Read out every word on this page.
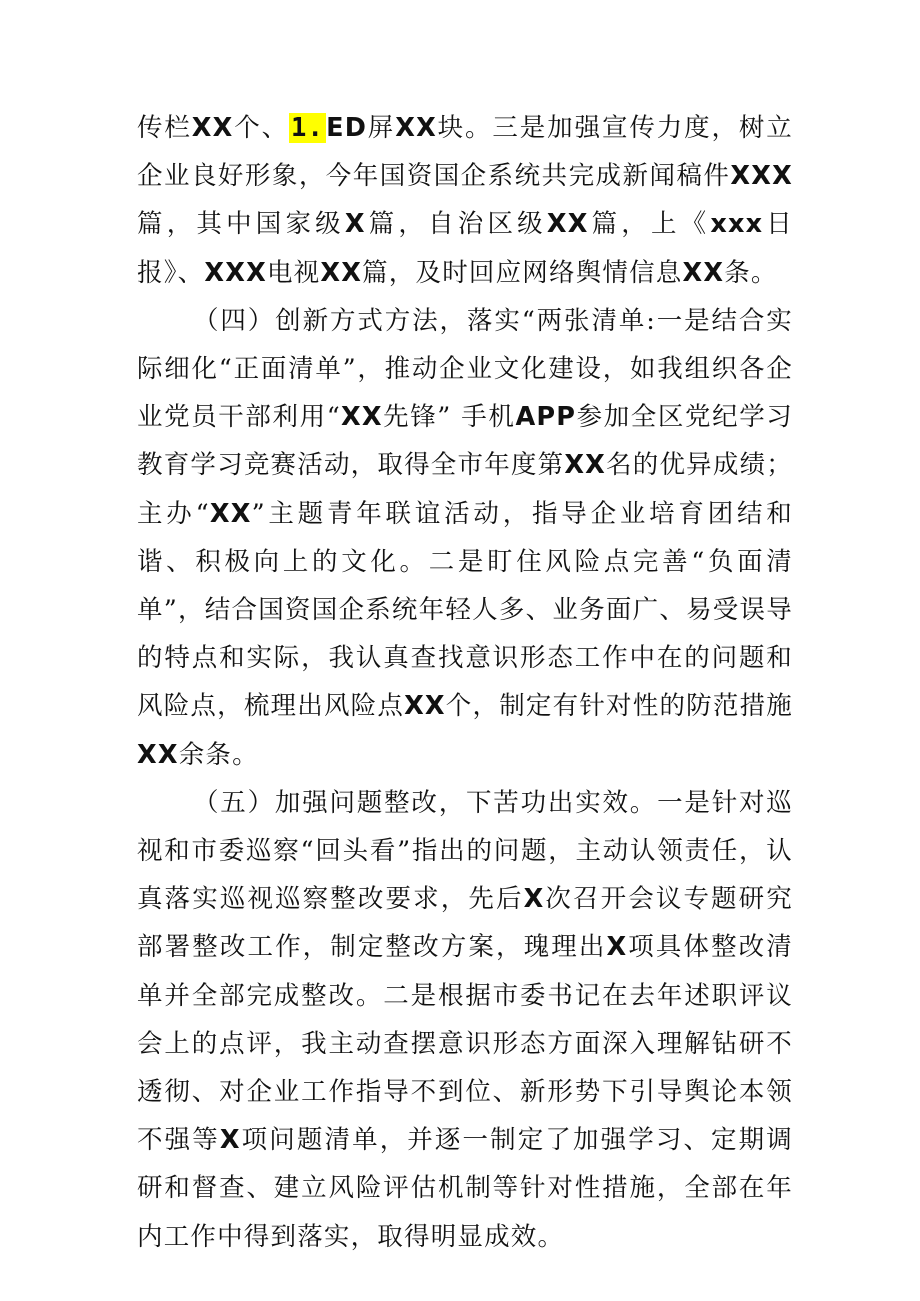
传栏XX个、1.ED屏XX块。三是加强宣传力度，树立企业良好形象，今年国资国企系统共完成新闻稿件XXX篇，其中国家级X篇，自治区级XX篇，上《xxx日报》、XXX电视XX篇，及时回应网络舆情信息XX条。

（四）创新方式方法，落实“两张清单:一是结合实际细化“正面清单”，推动企业文化建设，如我组织各企业党员干部利用“XX先锋” 手机APP参加全区党纪学习教育学习竞赛活动，取得全市年度第XX名的优异成绩；主办“XX”主题青年联谊活动，指导企业培育团结和谐、积极向上的文化。二是盯住风险点完善“负面清单”，结合国资国企系统年轻人多、业务面广、易受误导的特点和实际，我认真查找意识形态工作中在的问题和风险点，梳理出风险点XX个，制定有针对性的防范措施XX余条。

（五）加强问题整改，下苦功出实效。一是针对巡视和市委巡察“回头看”指出的问题，主动认领责任，认真落实巡视巡察整改要求，先后X次召开会议专题研究部署整改工作，制定整改方案，瑰理出X项具体整改清单并全部完成整改。二是根据市委书记在去年述职评议会上的点评，我主动查摆意识形态方面深入理解钻研不透彻、对企业工作指导不到位、新形势下引导舆论本领不强等X项问题清单，并逐一制定了加强学习、定期调研和督查、建立风险评估机制等针对性措施，全部在年内工作中得到落实，取得明显成效。
